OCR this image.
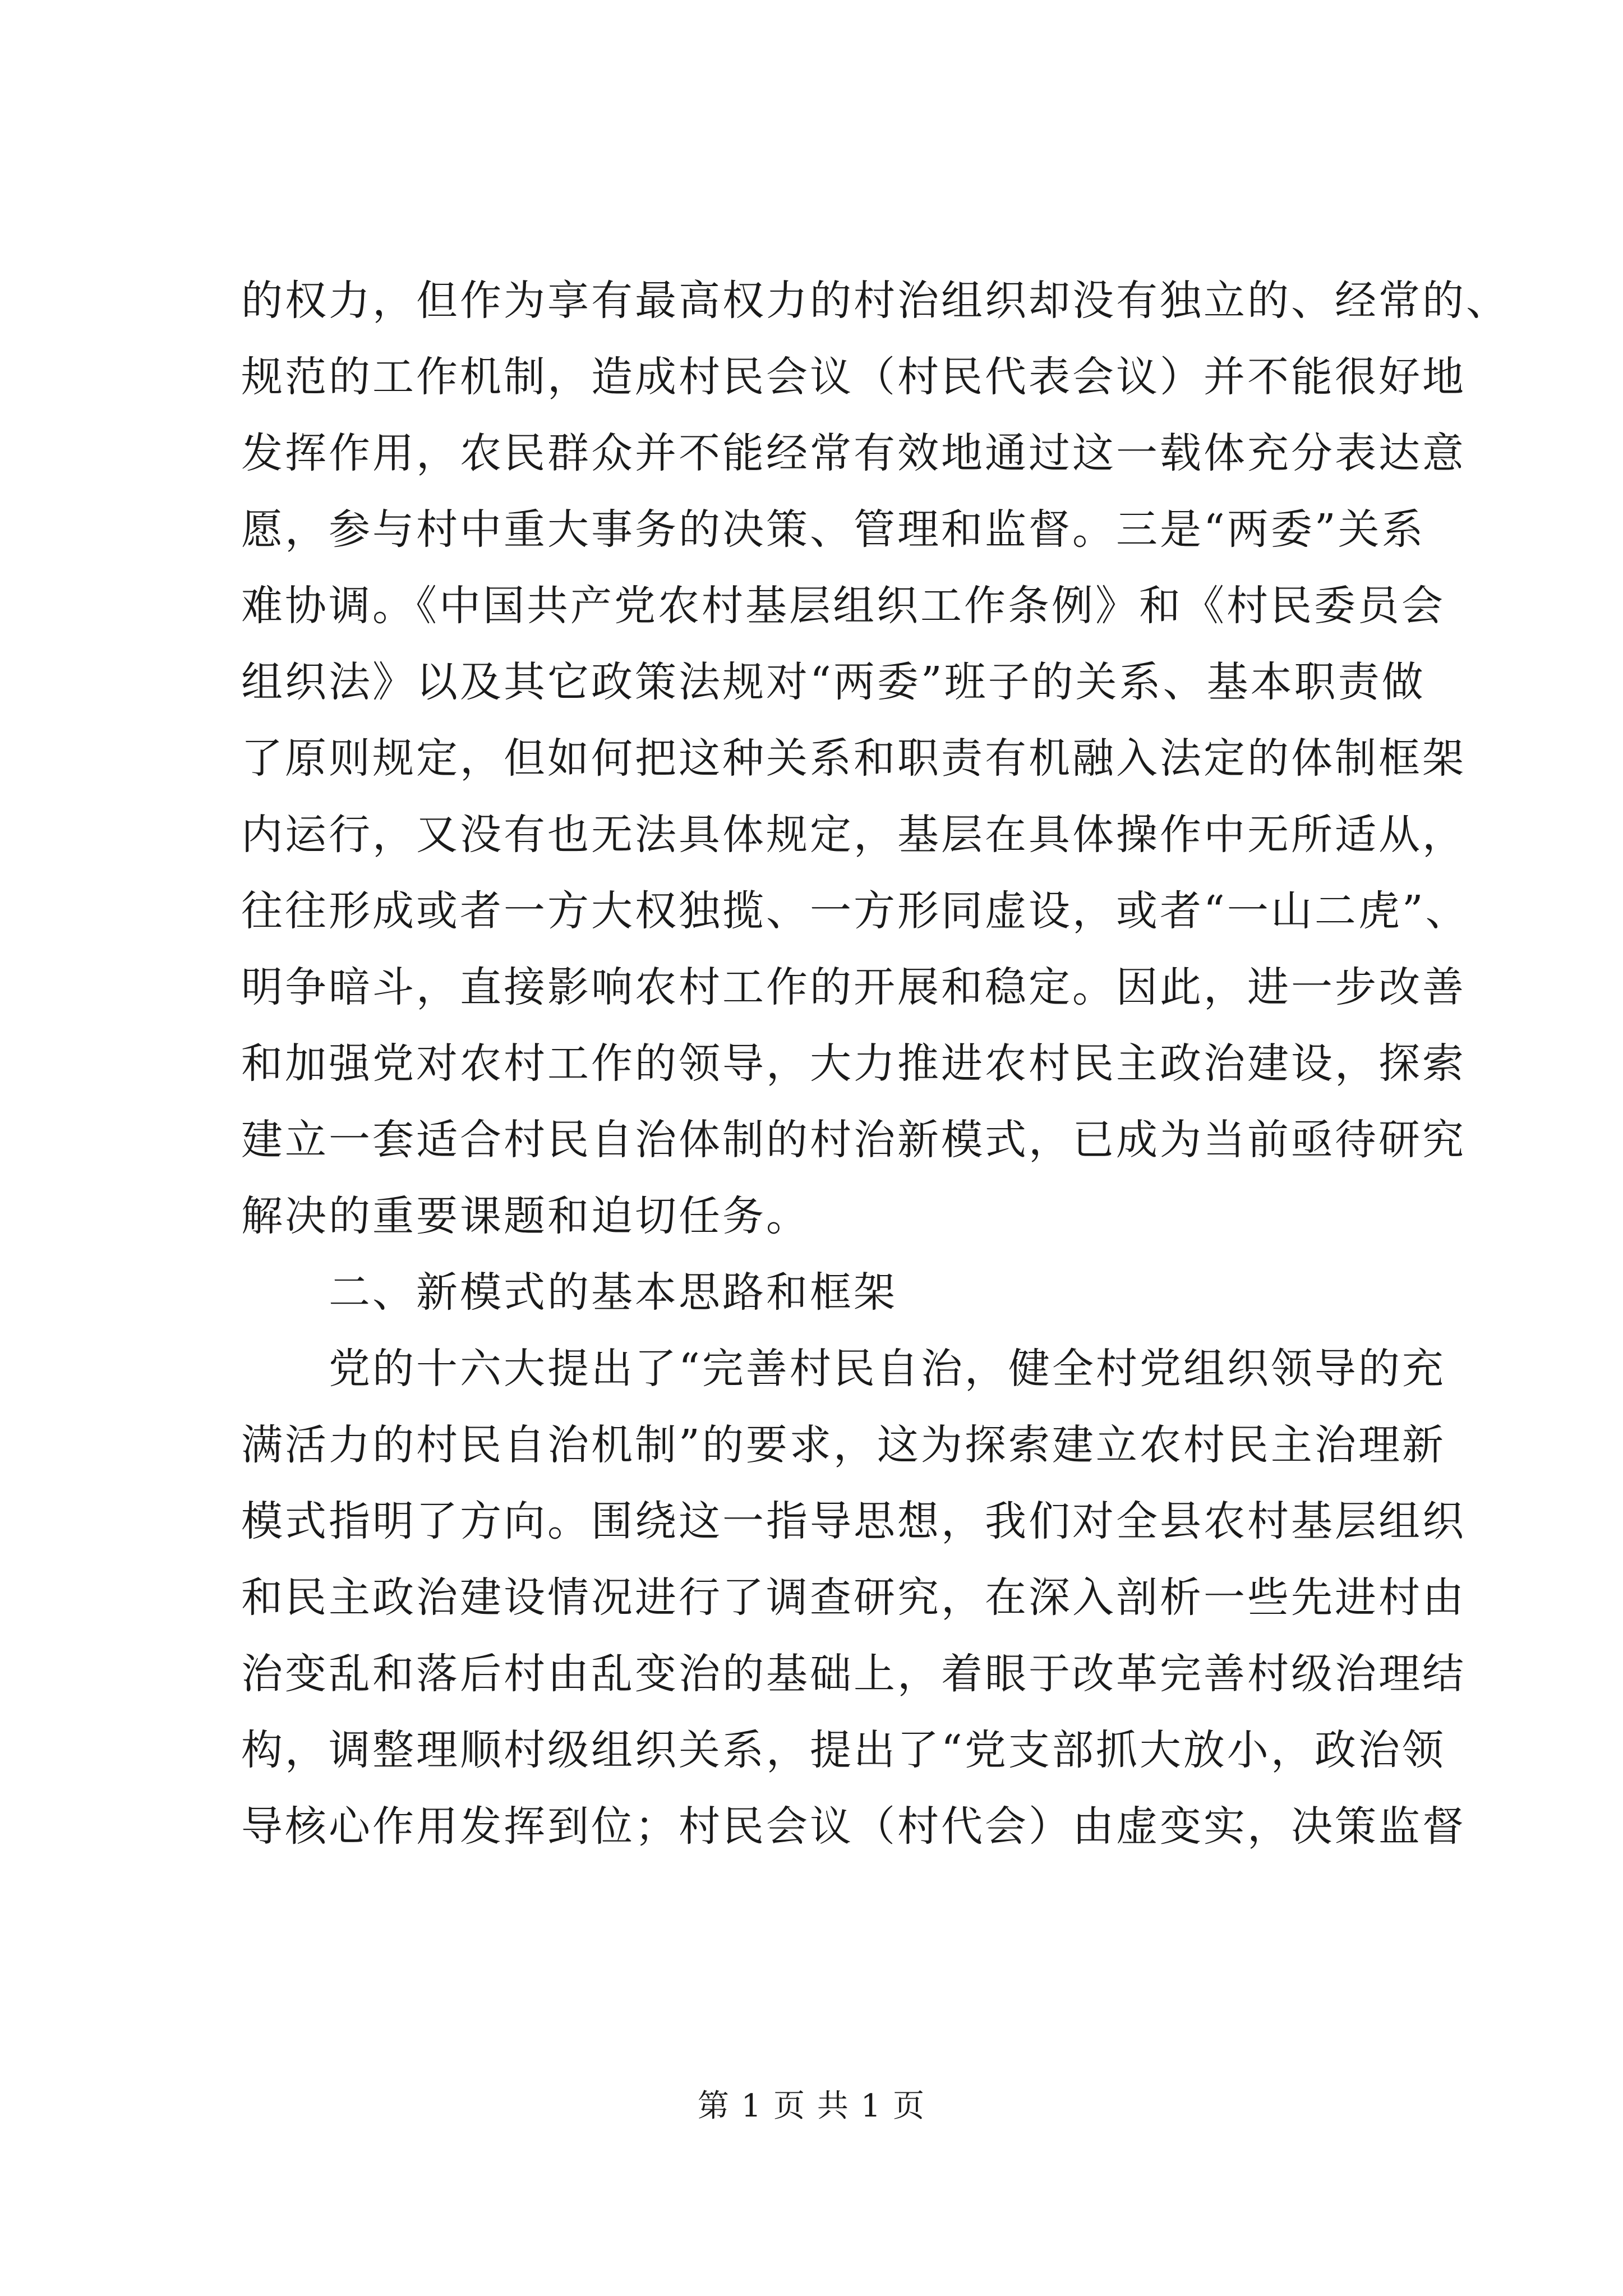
的权力，但作为享有最高权力的村治组织却没有独立的、经常的、
规范的工作机制，造成村民会议（村民代表会议）并不能很好地
发挥作用，农民群众并不能经常有效地通过这一载体充分表达意
愿，参与村中重大事务的决策、管理和监督。三是“两委”关系
难协调。《中国共产党农村基层组织工作条例》和《村民委员会
组织法》以及其它政策法规对“两委”班子的关系、基本职责做
了原则规定，但如何把这种关系和职责有机融入法定的体制框架
内运行，又没有也无法具体规定，基层在具体操作中无所适从，
往往形成或者一方大权独揽、一方形同虚设，或者“一山二虎”、
明争暗斗，直接影响农村工作的开展和稳定。因此，进一步改善
和加强党对农村工作的领导，大力推进农村民主政治建设，探索
建立一套适合村民自治体制的村治新模式，已成为当前亟待研究
解决的重要课题和迫切任务。
二、新模式的基本思路和框架
党的十六大提出了“完善村民自治，健全村党组织领导的充
满活力的村民自治机制”的要求，这为探索建立农村民主治理新
模式指明了方向。围绕这一指导思想，我们对全县农村基层组织
和民主政治建设情况进行了调查研究，在深入剖析一些先进村由
治变乱和落后村由乱变治的基础上，着眼于改革完善村级治理结
构，调整理顺村级组织关系，提出了“党支部抓大放小，政治领
导核心作用发挥到位；村民会议（村代会）由虚变实，决策监督
第 1 页 共 1 页
